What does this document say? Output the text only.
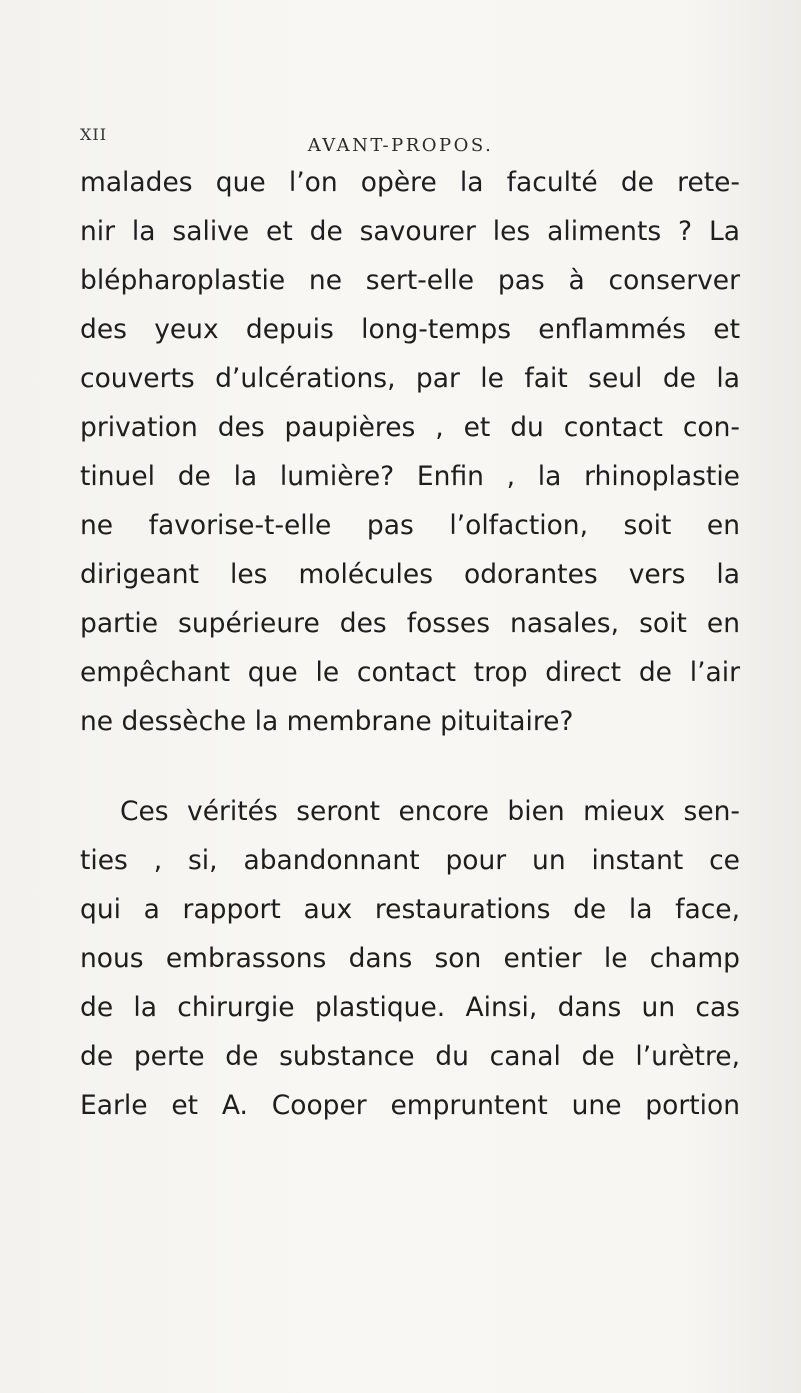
XII
AVANT-PROPOS.
malades que l’on opère la faculté de rete-
nir la salive et de savourer les aliments ? La
blépharoplastie ne sert-elle pas à conserver
des yeux depuis long-temps enflammés et
couverts d’ulcérations, par le fait seul de la
privation des paupières , et du contact con-
tinuel de la lumière? Enfin , la rhinoplastie
ne favorise-t-elle pas l’olfaction, soit en
dirigeant les molécules odorantes vers la
partie supérieure des fosses nasales, soit en
empêchant que le contact trop direct de l’air
ne dessèche la membrane pituitaire?
Ces vérités seront encore bien mieux sen-
ties , si, abandonnant pour un instant ce
qui a rapport aux restaurations de la face,
nous embrassons dans son entier le champ
de la chirurgie plastique. Ainsi, dans un cas
de perte de substance du canal de l’urètre,
Earle et A. Cooper empruntent une portion
